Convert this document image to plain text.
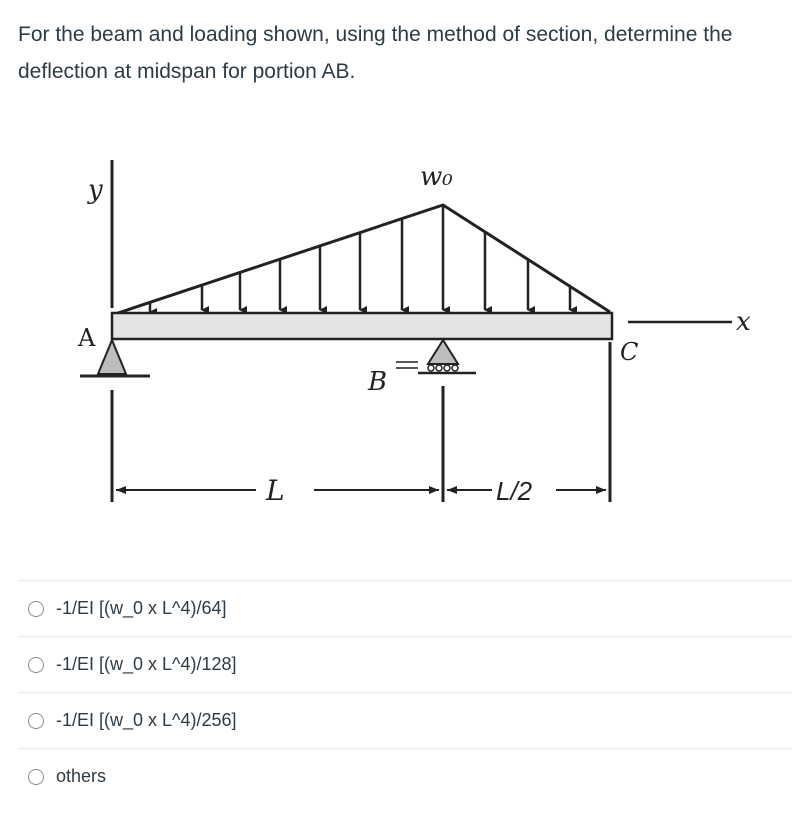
For the beam and loading shown, using the method of section, determine the deflection at midspan for portion AB.
y	w₀
x
A
B
C
L	L/2
-1/EI [(w_0 x L^4)/64]
-1/EI [(w_0 x L^4)/128]
-1/EI [(w_0 x L^4)/256]
others
